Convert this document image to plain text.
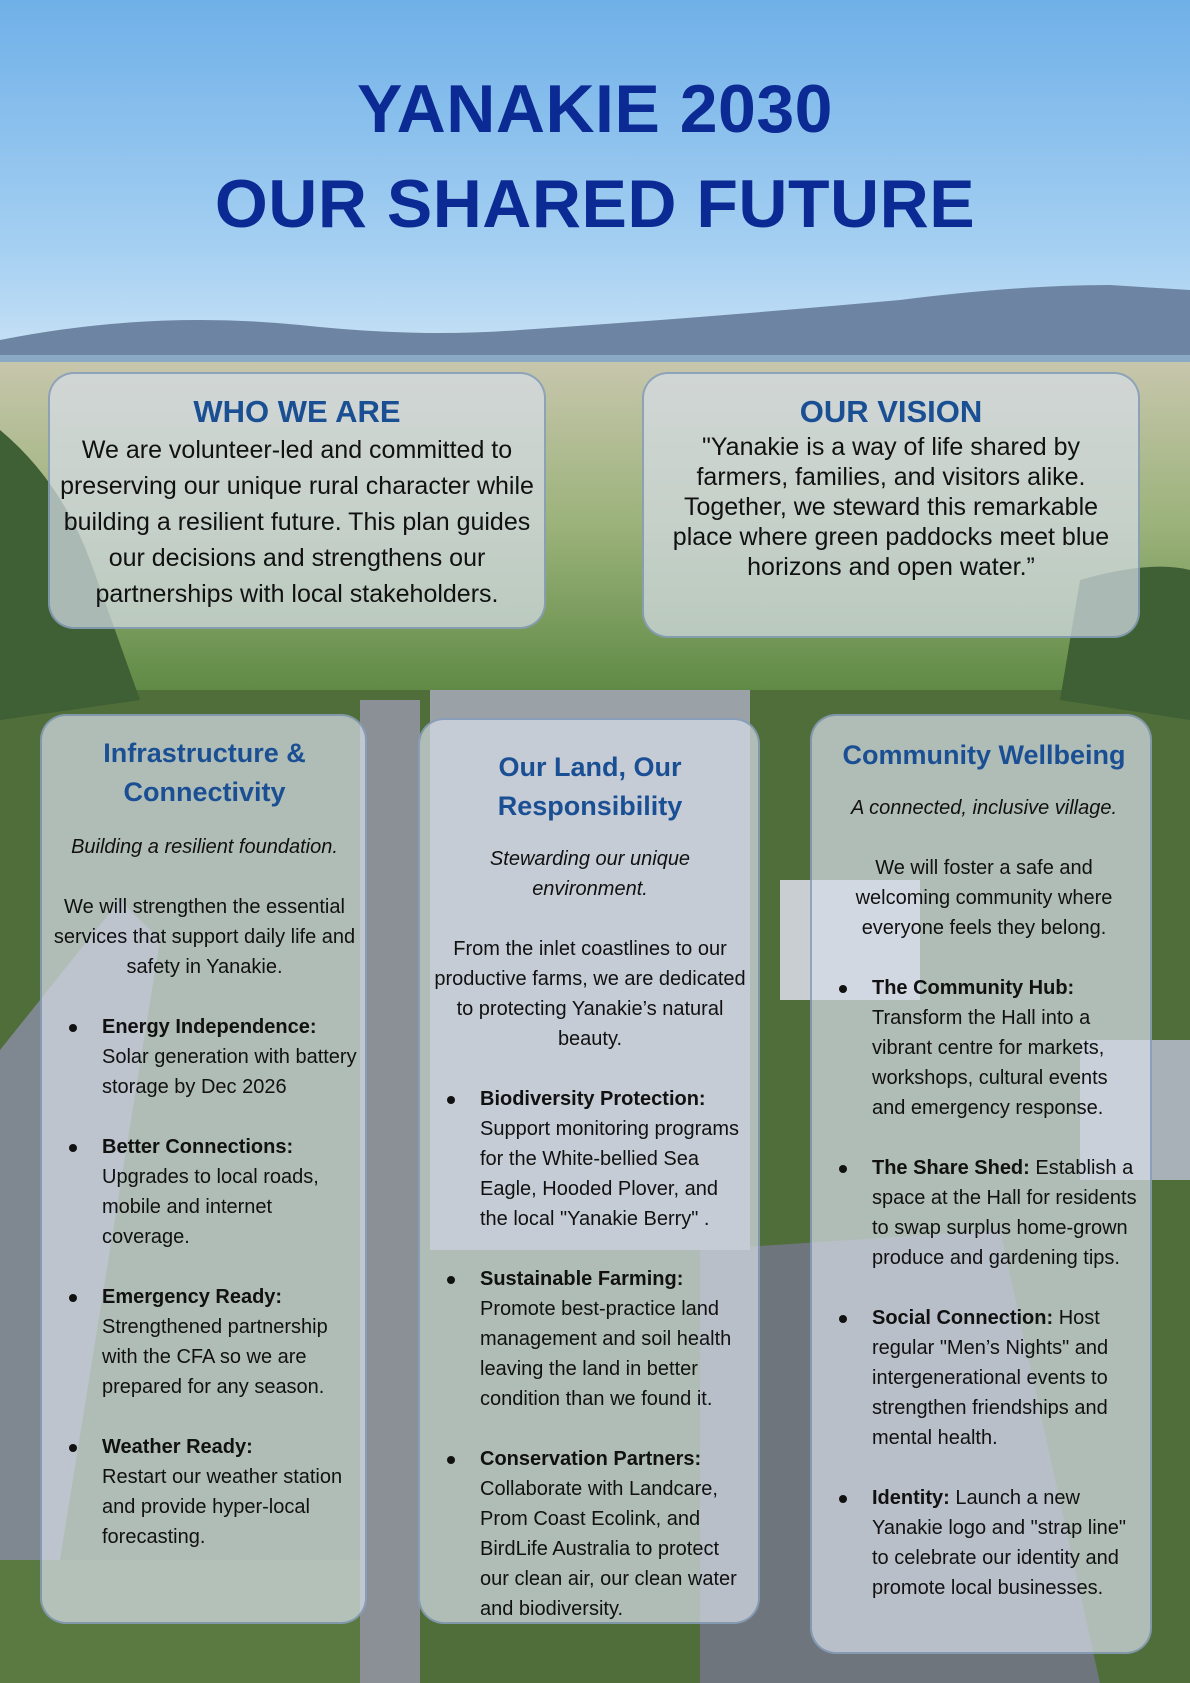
YANAKIE 2030
OUR SHARED FUTURE
WHO WE ARE

We are volunteer-led and committed to preserving our unique rural character while building a resilient future. This plan guides our decisions and strengthens our partnerships with local stakeholders.

OUR VISION

"Yanakie is a way of life shared by farmers, families, and visitors alike. Together, we steward this remarkable place where green paddocks meet blue horizons and open water.”

Infrastructure & Connectivity

Building a resilient foundation.

We will strengthen the essential services that support daily life and safety in Yanakie.

Energy Independence:
Solar generation with battery storage by Dec 2026
Better Connections:
Upgrades to local roads, mobile and internet coverage.
Emergency Ready:
Strengthened partnership with the CFA so we are prepared for any season.
Weather Ready:
Restart our weather station and provide hyper-local forecasting.
Our Land, Our Responsibility

Stewarding our unique environment.

From the inlet coastlines to our productive farms, we are dedicated to protecting Yanakie’s natural beauty.

Biodiversity Protection:
Support monitoring programs for the White-bellied Sea Eagle, Hooded Plover, and the local "Yanakie Berry" .
Sustainable Farming:
Promote best-practice land management and soil health leaving the land in better condition than we found it.
Conservation Partners:
Collaborate with Landcare, Prom Coast Ecolink, and BirdLife Australia to protect our clean air, our clean water and biodiversity.
Community Wellbeing

A connected, inclusive village.

We will foster a safe and welcoming community where everyone feels they belong.

The Community Hub:
Transform the Hall into a vibrant centre for markets, workshops, cultural events and emergency response.
The Share Shed: Establish a space at the Hall for residents to swap surplus home-grown produce and gardening tips.
Social Connection: Host regular "Men’s Nights" and intergenerational events to strengthen friendships and mental health.
Identity: Launch a new Yanakie logo and "strap line" to celebrate our identity and promote local businesses.
